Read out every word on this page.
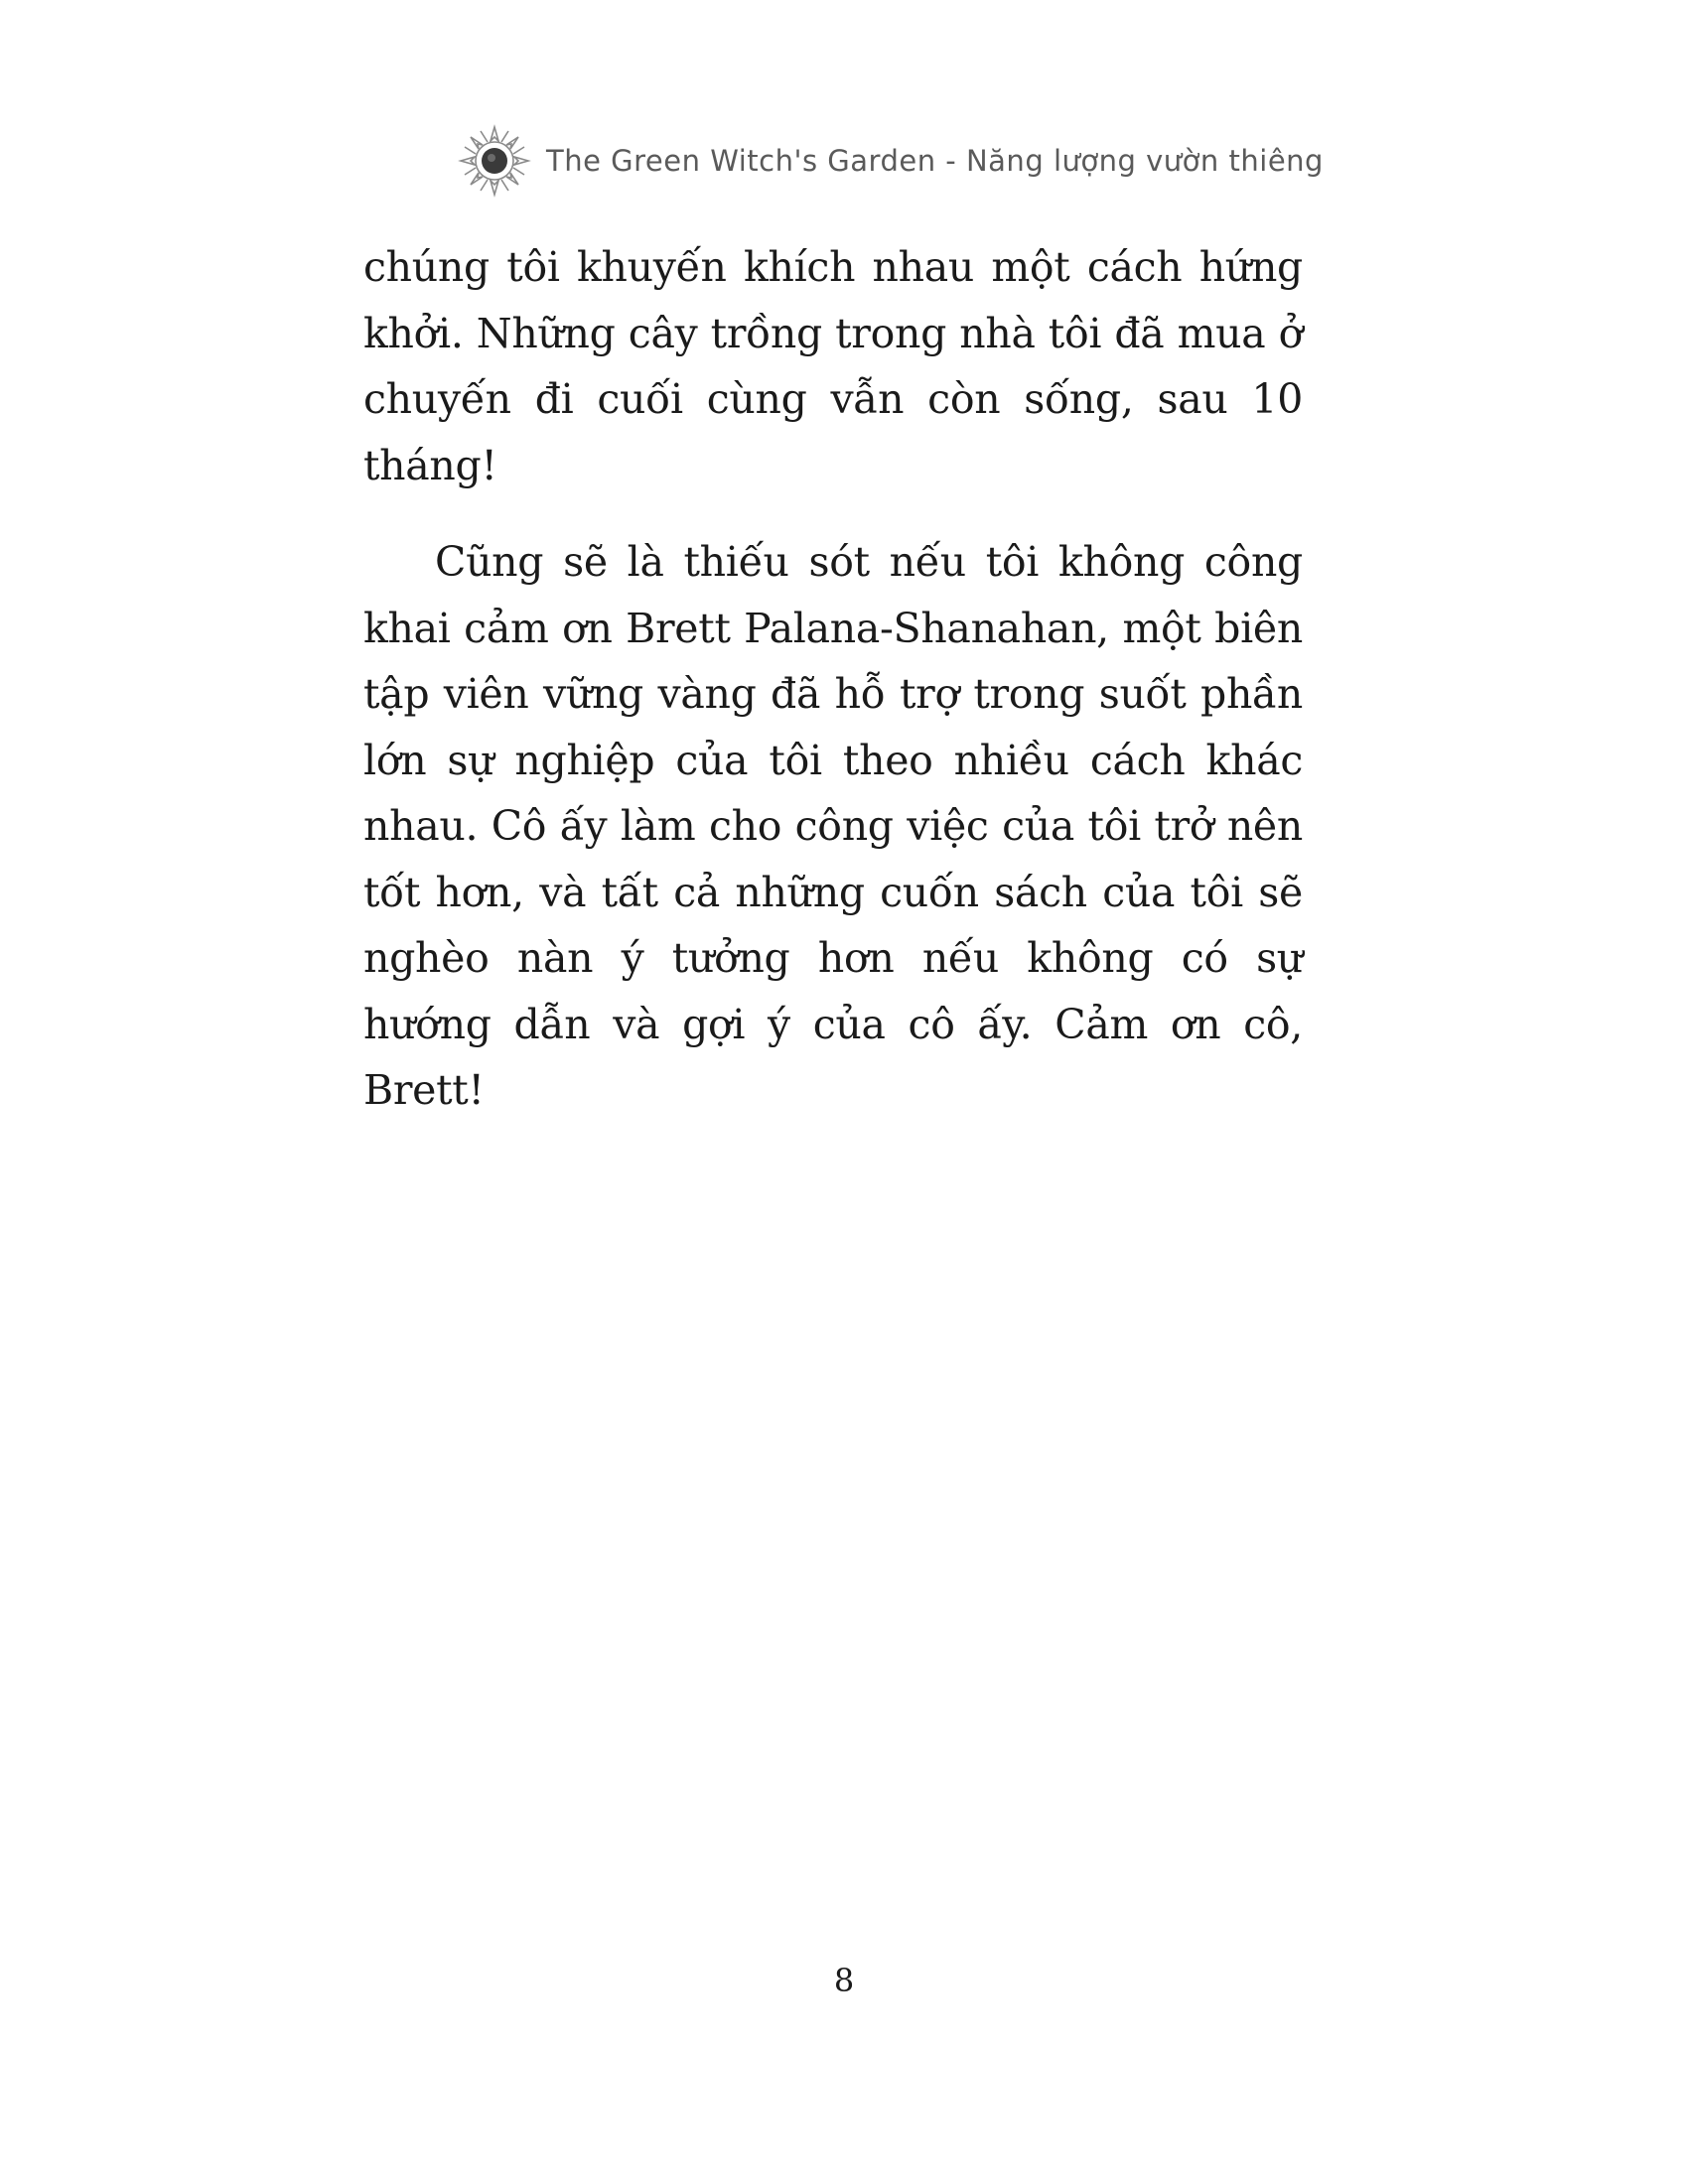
The Green Witch's Garden - Năng lượng vườn thiêng

chúng tôi khuyến khích nhau một cách hứng khởi. Những cây trồng trong nhà tôi đã mua ở chuyến đi cuối cùng vẫn còn sống, sau 10 tháng!

Cũng sẽ là thiếu sót nếu tôi không công khai cảm ơn Brett Palana-Shanahan, một biên tập viên vững vàng đã hỗ trợ trong suốt phần lớn sự nghiệp của tôi theo nhiều cách khác nhau. Cô ấy làm cho công việc của tôi trở nên tốt hơn, và tất cả những cuốn sách của tôi sẽ nghèo nàn ý tưởng hơn nếu không có sự hướng dẫn và gợi ý của cô ấy. Cảm ơn cô, Brett!

8
